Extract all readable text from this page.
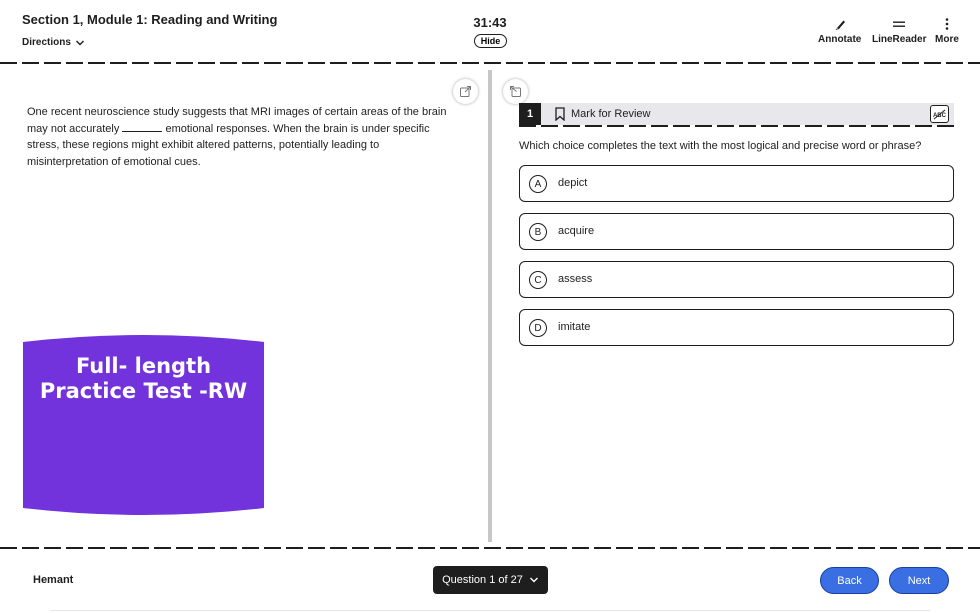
Section 1, Module 1: Reading and Writing
Directions
31:43
Hide	Annotate LineReader More
One recent neuroscience study suggests that MRI images of certain areas of the brain may not accurately	emotional responses. When the brain is under specific stress, these regions might exhibit altered patterns, potentially leading to misinterpretation of emotional cues.
Full- length
Practice Test -RW
1	Mark for Review	ABC
Which choice completes the text with the most logical and precise word or phrase?
A	depict
B	acquire
C	assess
D	imitate
Hemant	Question 1 of 27	Back	Next
